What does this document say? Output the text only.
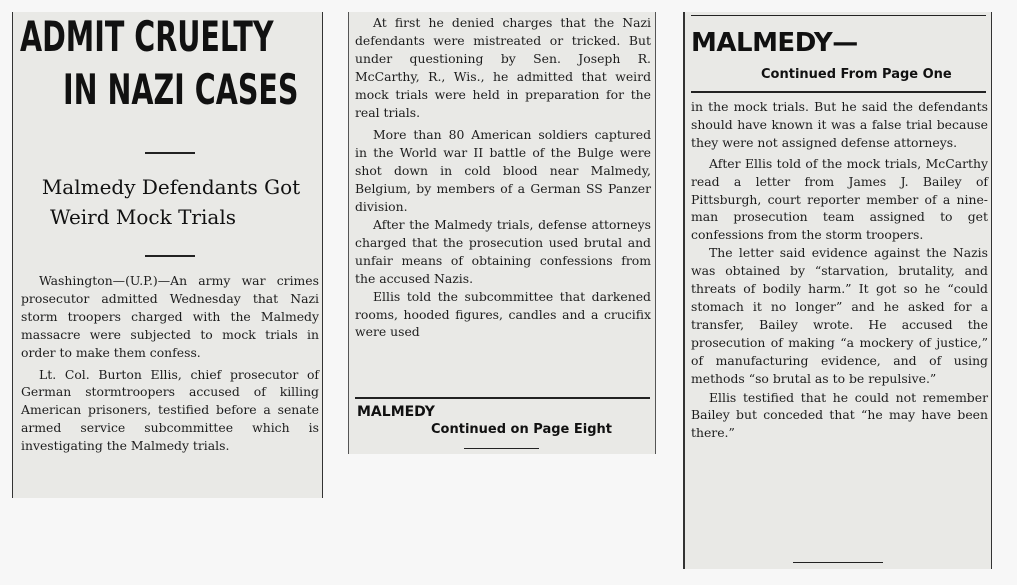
ADMIT CRUELTY
IN NAZI CASES
Malmedy Defendants Got
Weird Mock Trials

Washington—(U.P.)—An army war crimes prosecutor admitted Wednesday that Nazi storm troopers charged with the Malmedy massacre were subjected to mock trials in order to make them confess.

Lt. Col. Burton Ellis, chief prosecutor of German stormtroopers accused of killing American prisoners, testified before a senate armed service subcommittee which is investigating the Malmedy trials.

At first he denied charges that the Nazi defendants were mistreated or tricked. But under questioning by Sen. Joseph R. McCarthy, R., Wis., he admitted that weird mock trials were held in preparation for the real trials.

More than 80 American soldiers captured in the World war II battle of the Bulge were shot down in cold blood near Malmedy, Belgium, by members of a German SS Panzer division.

After the Malmedy trials, defense attorneys charged that the prosecution used brutal and unfair means of obtaining confessions from the accused Nazis.

Ellis told the subcommittee that darkened rooms, hooded figures, candles and a crucifix were used

MALMEDY
Continued on Page Eight
MALMEDY—
Continued From Page One

in the mock trials. But he said the defendants should have known it was a false trial because they were not assigned defense attorneys.

After Ellis told of the mock trials, McCarthy read a letter from James J. Bailey of Pittsburgh, court reporter member of a nine-man prosecution team assigned to get confessions from the storm troopers.

The letter said evidence against the Nazis was obtained by “starvation, brutality, and threats of bodily harm.” It got so he “could stomach it no longer” and he asked for a transfer, Bailey wrote. He accused the prosecution of making “a mockery of justice,” of manufacturing evidence, and of using methods “so brutal as to be repulsive.”

Ellis testified that he could not remember Bailey but conceded that “he may have been there.”
